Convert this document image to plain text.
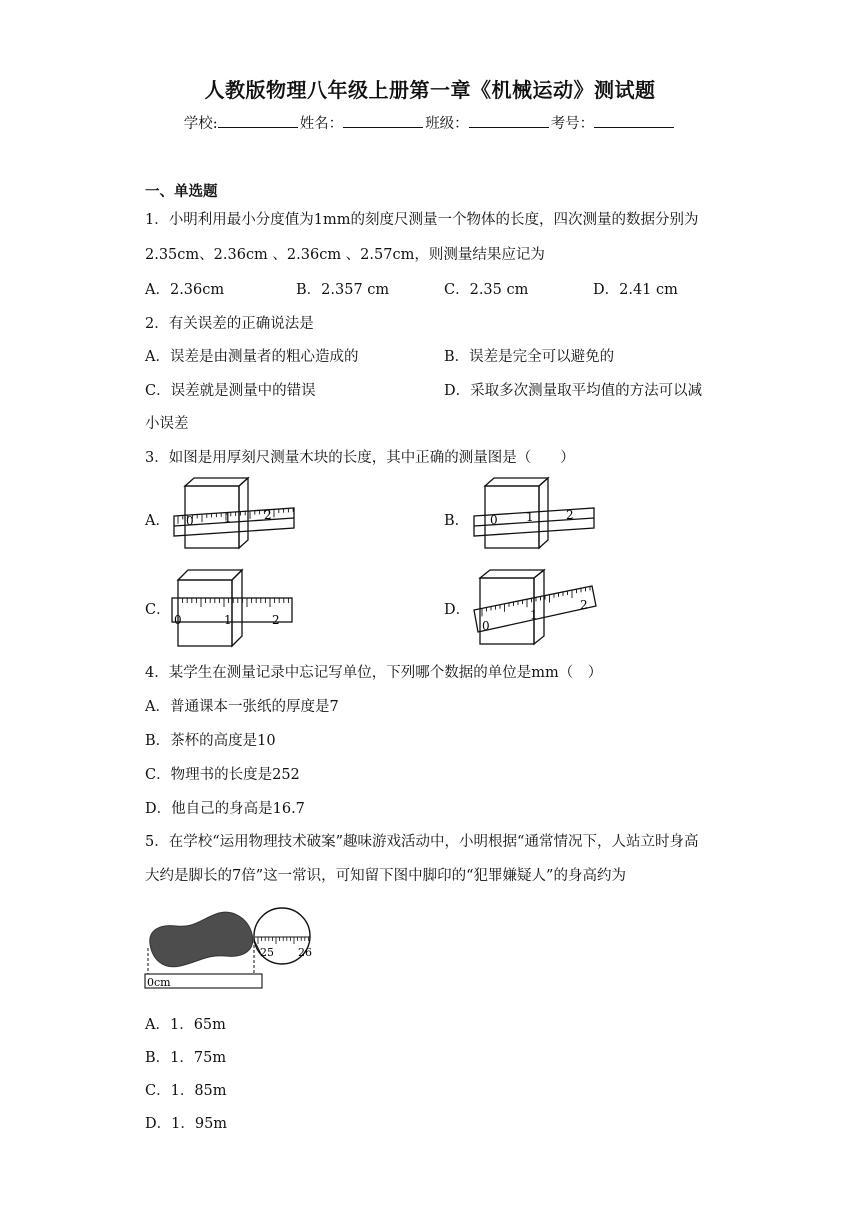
人教版物理八年级上册第一章《机械运动》测试题
学校:	姓名：	班级：	考号：
一、单选题
1．小明利用最小分度值为1mm的刻度尺测量一个物体的长度，四次测量的数据分别为
2.35cm、2.36cm 、2.36cm 、2.57cm，则测量结果应记为
A．2.36cm	B．2.357 cm	C．2.35 cm	D．2.41 cm
2．有关误差的正确说法是
A．误差是由测量者的粗心造成的	B．误差是完全可以避免的
C．误差就是测量中的错误	D．采取多次测量取平均值的方法可以减
小误差
3．如图是用厚刻尺测量木块的长度，其中正确的测量图是（　　）
A． 0	1	2	B． 0 1	2
C．
0	1	2
D．
0
1
2
4．某学生在测量记录中忘记写单位，下列哪个数据的单位是mm（　）
A．普通课本一张纸的厚度是7
B．茶杯的高度是10
C．物理书的长度是252
D．他自己的身高是16.7
5．在学校“运用物理技术破案”趣味游戏活动中，小明根据“通常情况下，人站立时身高
大约是脚长的7倍”这一常识，可知留下图中脚印的“犯罪嫌疑人”的身高约为
25 26
0cm
A．1．65m
B．1．75m
C．1．85m
D．1．95m
